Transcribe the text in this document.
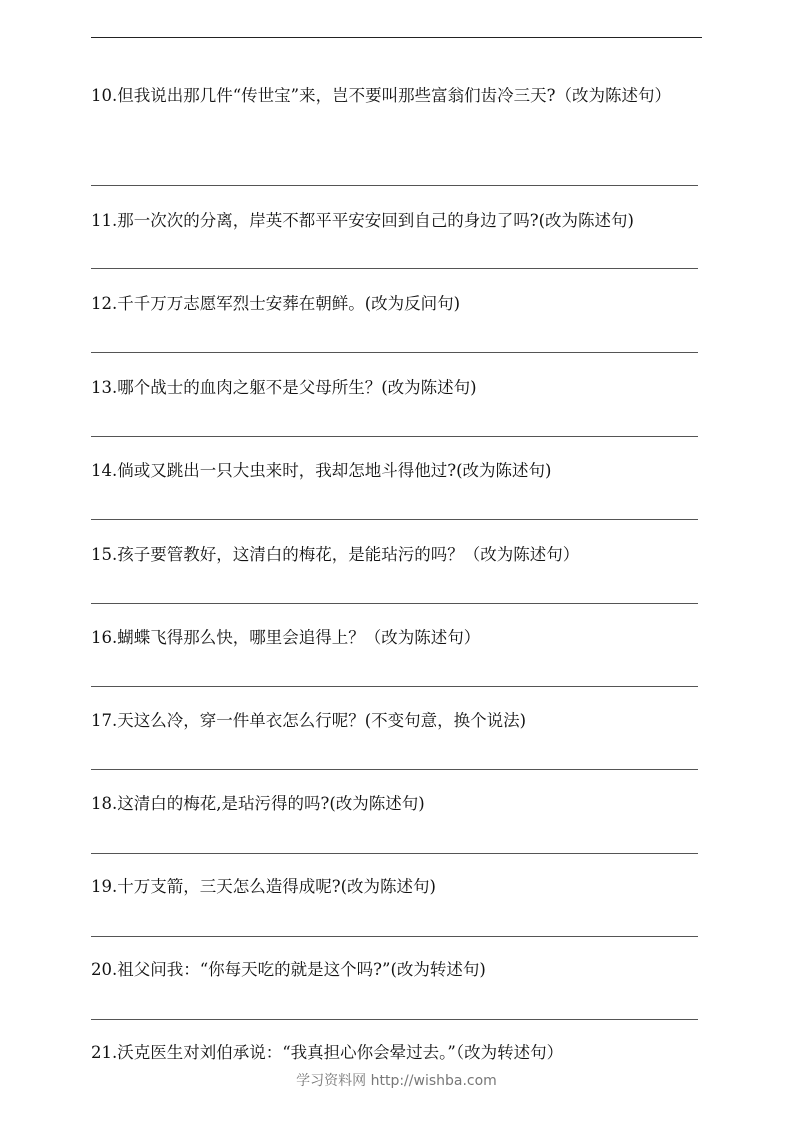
10.但我说出那几件“传世宝”来，岂不要叫那些富翁们齿冷三天?（改为陈述句）
11.那一次次的分离，岸英不都平平安安回到自己的身边了吗?(改为陈述句)
12.千千万万志愿军烈士安葬在朝鲜。(改为反问句)
13.哪个战士的血肉之躯不是父母所生？(改为陈述句)
14.倘或又跳出一只大虫来时，我却怎地斗得他过?(改为陈述句)
15.孩子要管教好，这清白的梅花，是能玷污的吗？（改为陈述句）
16.蝴蝶飞得那么快，哪里会追得上？（改为陈述句）
17.天这么冷，穿一件单衣怎么行呢？(不变句意，换个说法)
18.这清白的梅花,是玷污得的吗?(改为陈述句)
19.十万支箭，三天怎么造得成呢?(改为陈述句)
20.祖父问我：“你每天吃的就是这个吗?”(改为转述句)
21.沃克医生对刘伯承说：“我真担心你会晕过去。”（改为转述句）
学习资料网 http://wishba.com
